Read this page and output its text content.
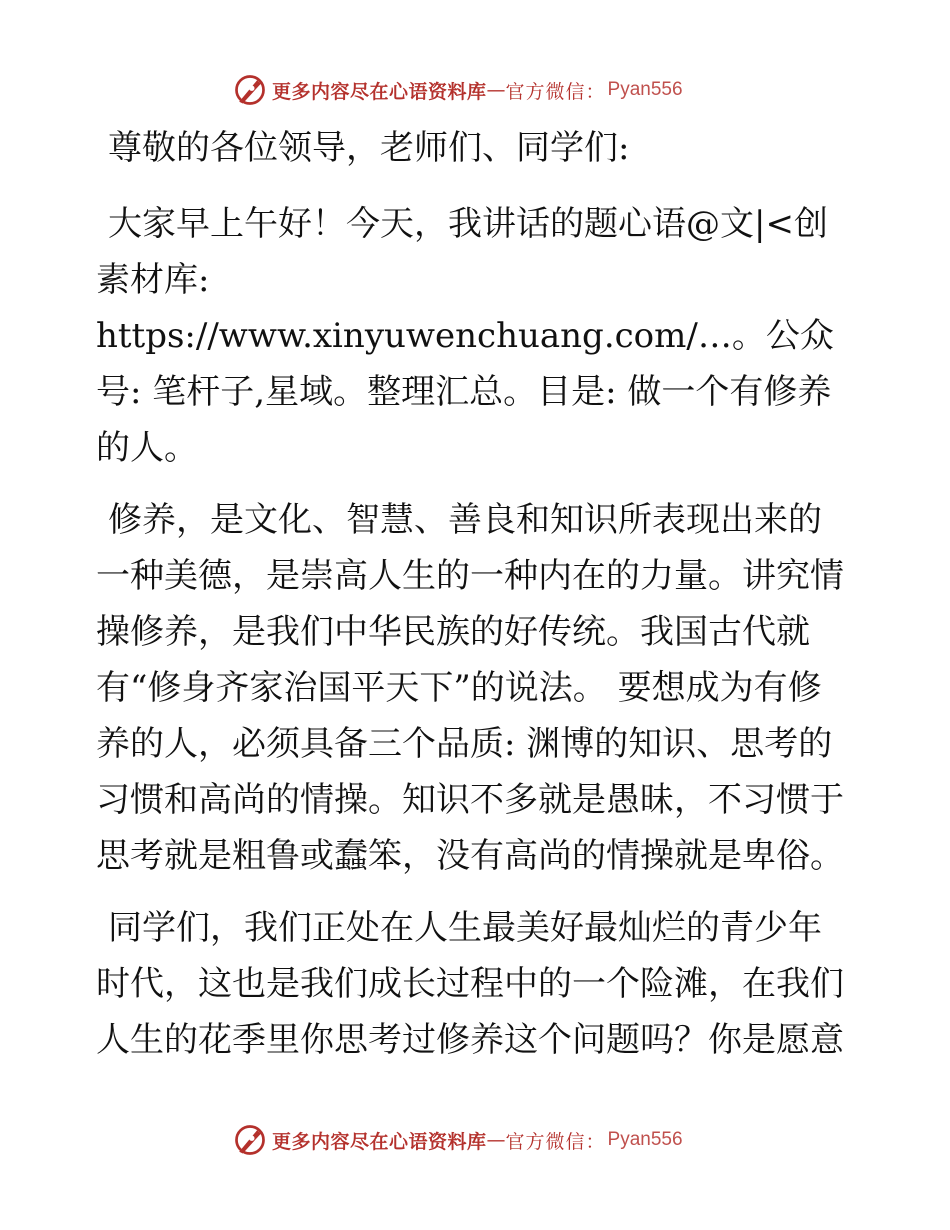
更多内容尽在心语资料库 — 官方微信： Pyan556

尊敬的各位领导，老师们、同学们:

大家早上午好！今天，我讲话的题心语@文|<创素材库: https://www.xinyuwenchuang.com/…。公众号: 笔杆子,星域。整理汇总。目是: 做一个有修养的人。

修养，是文化、智慧、善良和知识所表现出来的一种美德，是崇高人生的一种内在的力量。讲究情操修养，是我们中华民族的好传统。我国古代就有“修身齐家治国平天下”的说法。 要想成为有修养的人，必须具备三个品质: 渊博的知识、思考的习惯和高尚的情操。知识不多就是愚昧，不习惯于思考就是粗鲁或蠢笨，没有高尚的情操就是卑俗。

同学们，我们正处在人生最美好最灿烂的青少年时代，这也是我们成长过程中的一个险滩，在我们人生的花季里你思考过修养这个问题吗？你是愿意

更多内容尽在心语资料库 — 官方微信： Pyan556
